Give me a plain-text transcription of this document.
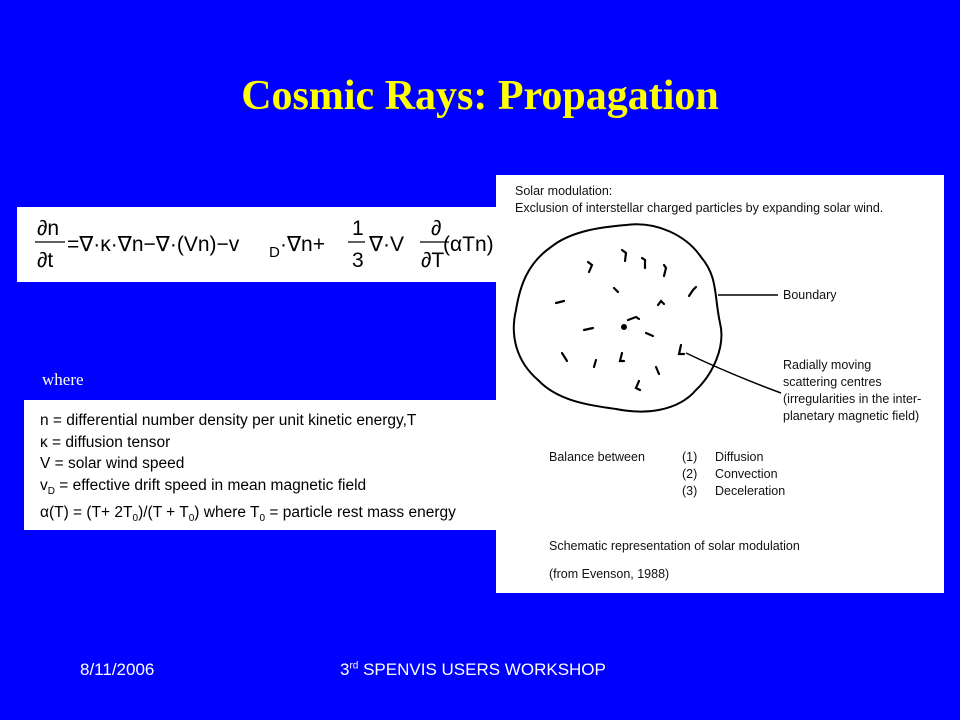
Cosmic Rays: Propagation
∂n
∂t
=∇·κ·∇n−∇·(Vn)−v D ·∇n+
1
3
∇·V
∂
∂T
(αTn)
where
n = differential number density per unit kinetic energy,T
κ = diffusion tensor
V = solar wind speed
$v_D$ = effective drift speed in mean magnetic field
$\alpha(T) = (T+ 2T_0)/(T + T_0)$ where $T_0$ = particle rest mass energy
Solar modulation:
Exclusion of interstellar charged particles by expanding solar wind.
Boundary
Radially moving
scattering centres
(irregularities in the inter-
planetary magnetic field)
Balance between	(1) Diffusion
(2) Convection
(3) Deceleration
Schematic representation of solar modulation
(from Evenson, 1988)
8/11/2006	3rd SPENVIS USERS WORKSHOP
